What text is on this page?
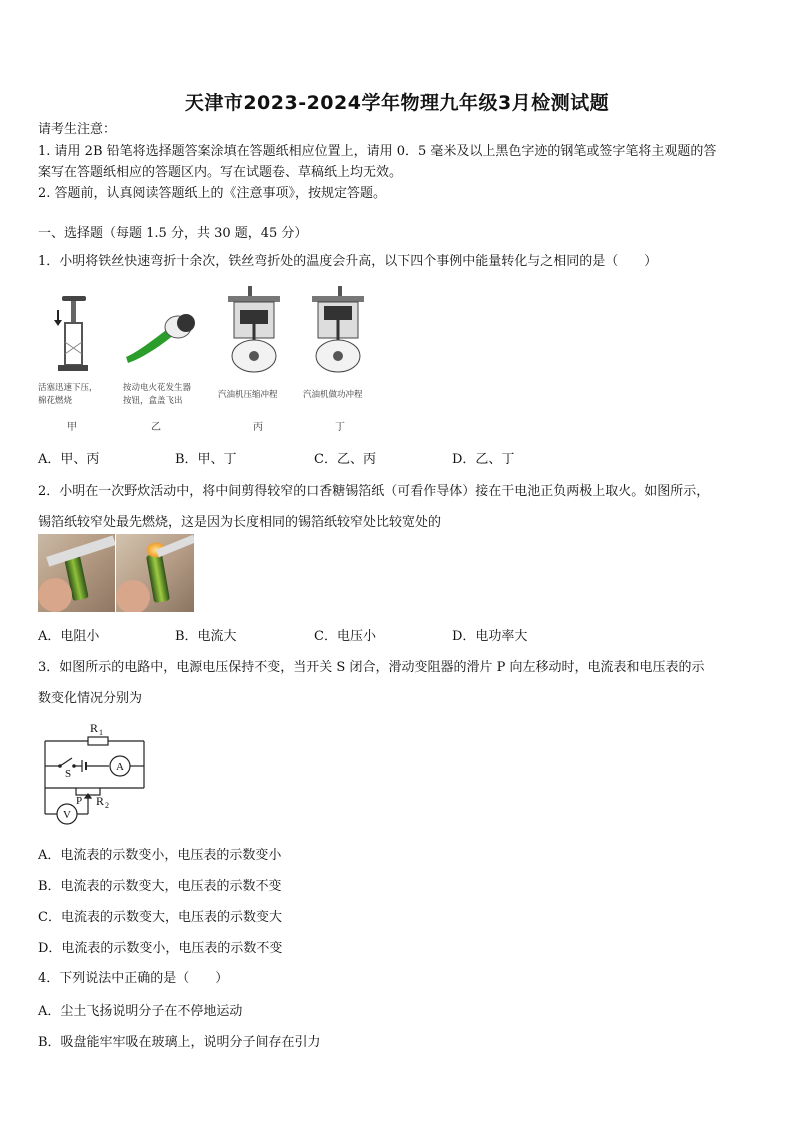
天津市2023-2024学年物理九年级3月检测试题
请考生注意：
1. 请用 2B 铅笔将选择题答案涂填在答题纸相应位置上，请用 0．5 毫米及以上黑色字迹的钢笔或签字笔将主观题的答
案写在答题纸相应的答题区内。写在试题卷、草稿纸上均无效。
2. 答题前，认真阅读答题纸上的《注意事项》，按规定答题。
一、选择题（每题 1.5 分，共 30 题，45 分）
1．小明将铁丝快速弯折十余次，铁丝弯折处的温度会升高，以下四个事例中能量转化与之相同的是（　　）
活塞迅速下压，
棉花燃烧
按动电火花发生器
按钮，盒盖飞出
汽油机压缩冲程	汽油机做功冲程
甲	乙	丙	丁
A．甲、丙	B．甲、丁	C．乙、丙	D．乙、丁
2．小明在一次野炊活动中，将中间剪得较窄的口香糖锡箔纸（可看作导体）接在干电池正负两极上取火。如图所示，
锡箔纸较窄处最先燃烧，这是因为长度相同的锡箔纸较窄处比较宽处的
A．电阻小	B．电流大	C．电压小	D．电功率大
3．如图所示的电路中，电源电压保持不变，当开关 S 闭合，滑动变阻器的滑片 P 向左移动时，电流表和电压表的示
数变化情况分别为
R 1
S
A
P R 2
V
A．电流表的示数变小，电压表的示数变小
B．电流表的示数变大，电压表的示数不变
C．电流表的示数变大，电压表的示数变大
D．电流表的示数变小，电压表的示数不变
4．下列说法中正确的是（　　）
A．尘土飞扬说明分子在不停地运动
B．吸盘能牢牢吸在玻璃上，说明分子间存在引力
